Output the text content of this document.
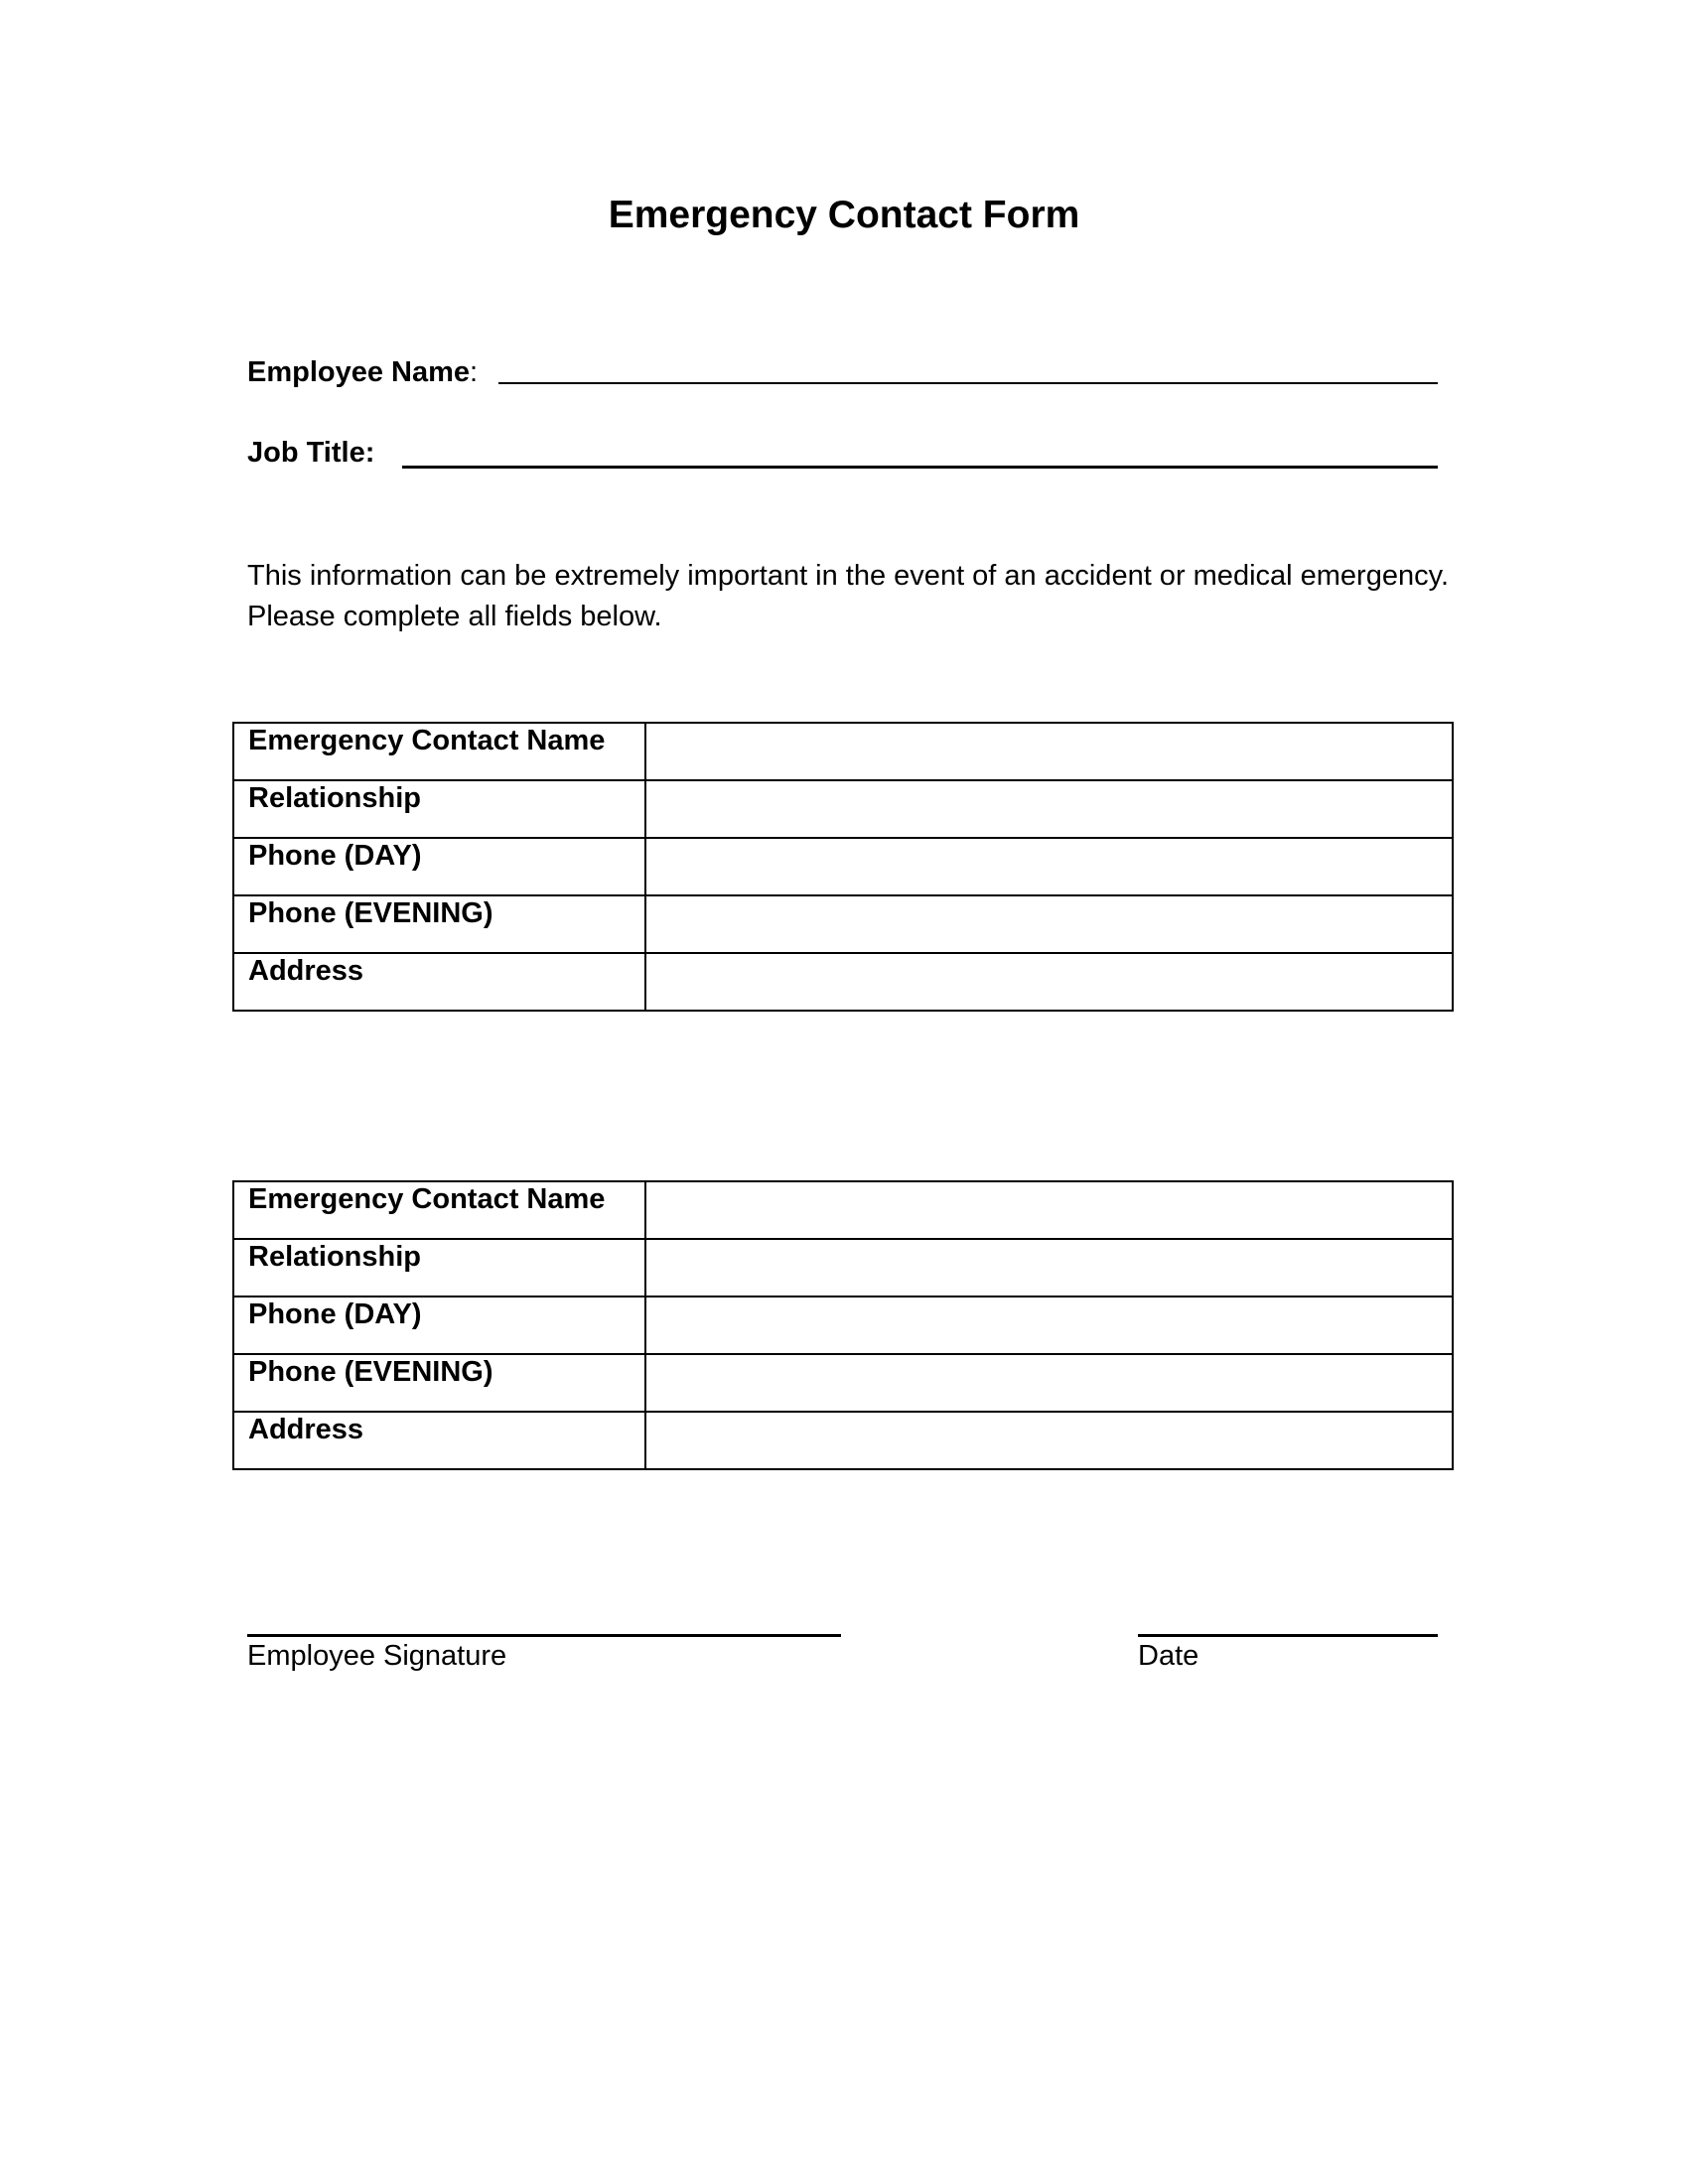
Emergency Contact Form
Employee Name:
Job Title:
This information can be extremely important in the event of an accident or medical emergency. Please complete all fields below.
Emergency Contact Name	
Relationship	
Phone (DAY)	
Phone (EVENING)	
Address	
Emergency Contact Name	
Relationship	
Phone (DAY)	
Phone (EVENING)	
Address	
Employee Signature	Date
